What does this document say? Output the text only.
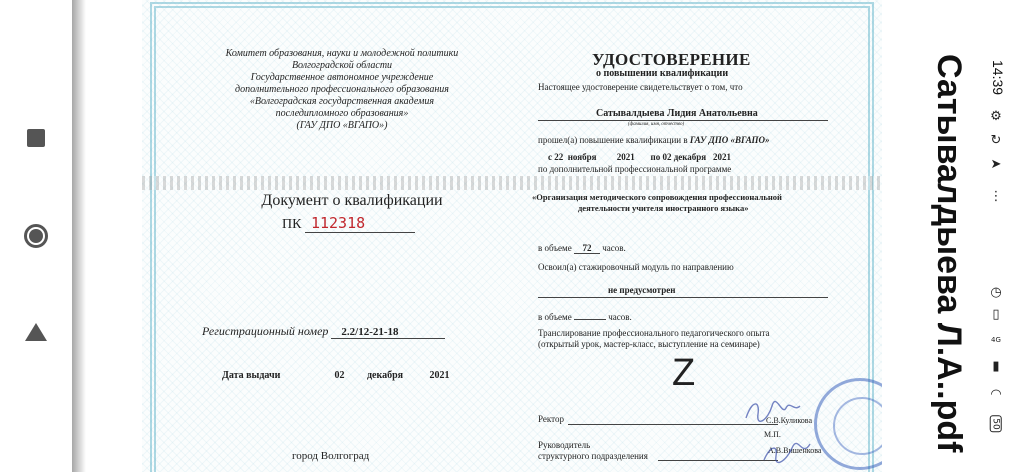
Комитет образования, науки и молодежной политики
Волгоградской области
Государственное автономное учреждение
дополнительного профессионального образования
«Волгоградская государственная академия
последипломного образования»
(ГАУ ДПО «ВГАПО»)
Документ о квалификации
ПК 112318
Регистрационный номер 2.2/12-21-18
Дата выдачи	02 декабря	2021
город Волгоград
УДОСТОВЕРЕНИЕ
о повышении квалификации
Настоящее удостоверение свидетельствует о том, что
Сатывалдыева Лидия Анатольевна
(фамилия, имя, отчество)
прошел(а) повышение квалификации в ГАУ ДПО «ВГАПО»
с 22 ноября 2021 по 02 декабря 2021
по дополнительной профессиональной программе
«Организация методического сопровождения профессиональной
деятельности учителя иностранного языка»
в объеме 72 часов.
Освоил(а) стажировочный модуль по направлению
не предусмотрен
в объеме	часов.
Транслирование профессионального педагогического опыта
(открытый урок, мастер-класс, выступление на семинаре)
Z
Ректор	С.В.Куликова
Руководитель
структурного подразделения
М.П.
А.В.Вишенкова	Сатывалдыева Л.А..pdf 14:39
⚙
↻
➤
⋮
◷
▯
4G
▮
◠
50
